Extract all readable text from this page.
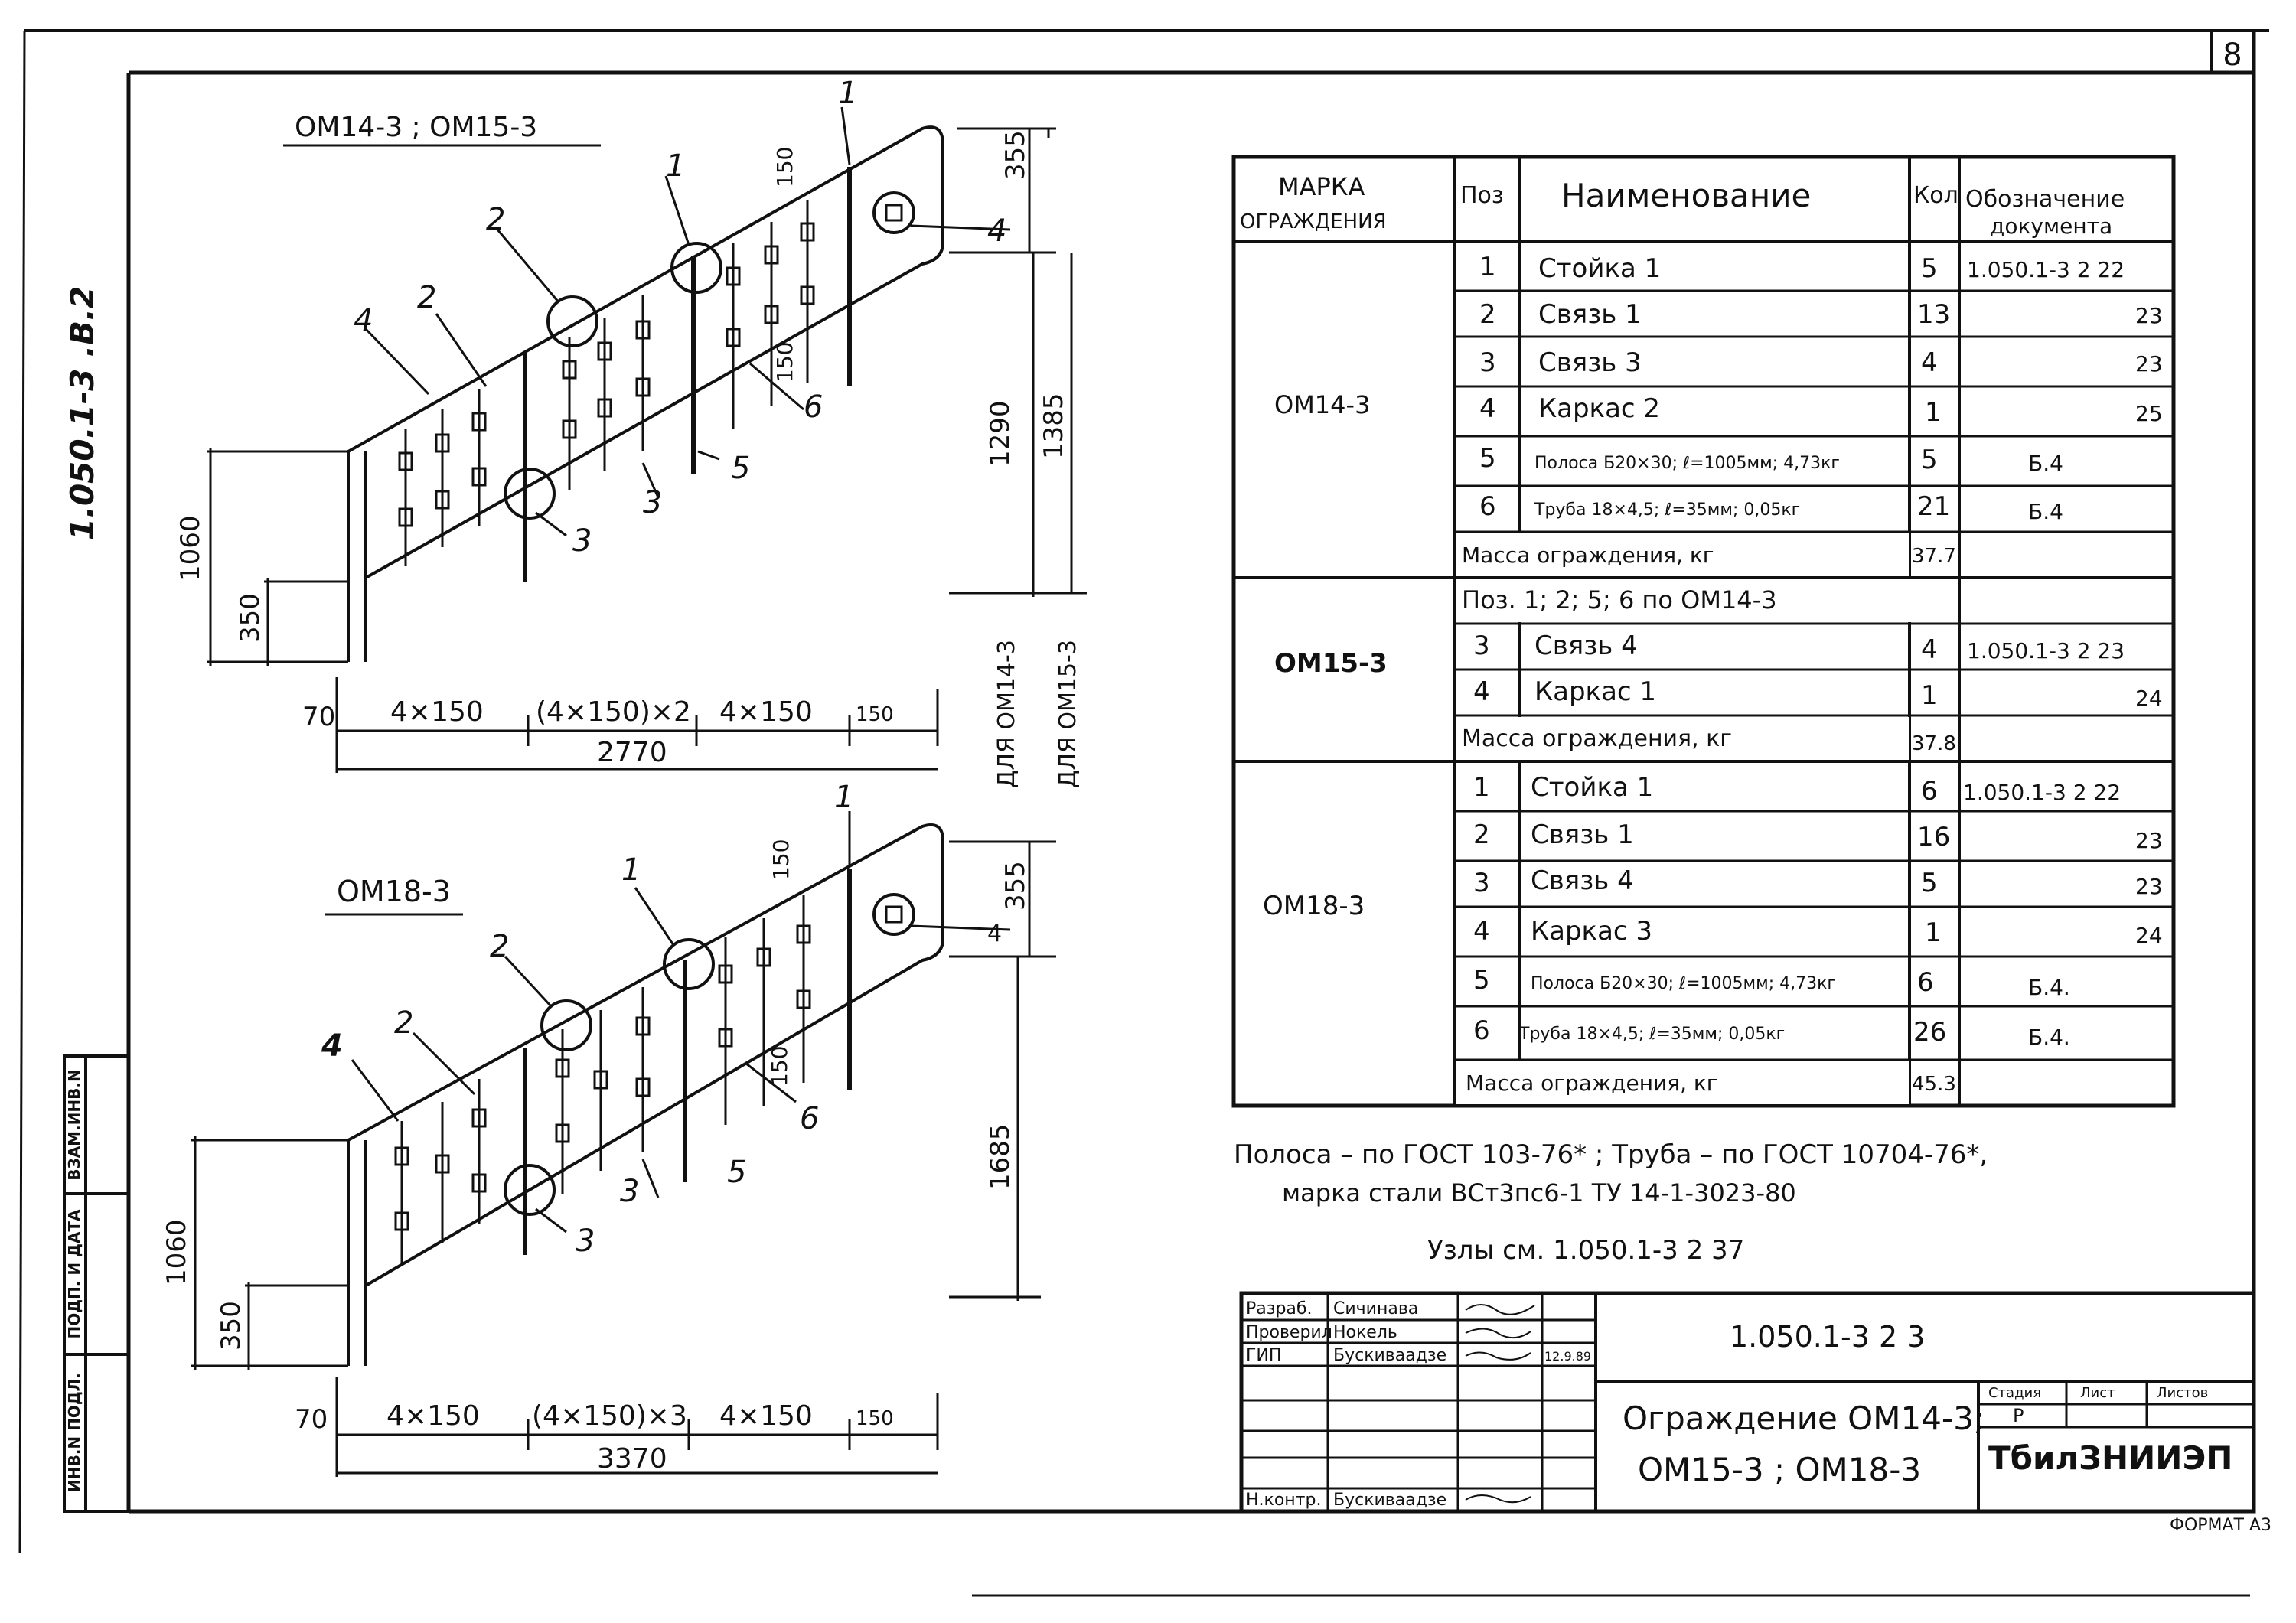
8
1.050.1-3 .В.2
ИНВ.N ПОДЛ.
ПОДП. И ДАТА
ВЗАМ.ИНВ.N
ОМ14-3 ; ОМ15-3
2
1
4
2
1
4
6
5
3
3
1060
350
1290 1385
355
150
150
70 4×150 (4×150)×2 4×150 150
2770	ДЛЯ ОМ14-3 ДЛЯ ОМ15-3
ОМ18-3
2
1
4
2
1
4
6
5
3
3
1060
350
1685
355
150
150
70 4×150 (4×150)×3 4×150 150
3370
МАРКА
ОГРАЖДЕНИЯ
Поз Наименование	Кол Обозначение
документа
ОМ14-3
1 Стойка 1	5 1.050.1-3 2 22
2 Связь 1	13	23
3 Связь 3	4	23
4 Каркас 2	1	25
5 Полоса Б20×30; ℓ=1005мм; 4,73кг	5	Б.4
6 Труба 18×4,5; ℓ=35мм; 0,05кг	21	Б.4
Масса ограждения, кг	37.7
ОМ15-3
Поз. 1; 2; 5; 6 по ОМ14-3
3 Связь 4	4 1.050.1-3 2 23
4 Каркас 1	1	24
Масса ограждения, кг	37.8
ОМ18-3
1 Стойка 1	6 1.050.1-3 2 22
2 Связь 1	16	23
3 Связь 4	5	23
4 Каркас 3	1	24
5 Полоса Б20×30; ℓ=1005мм; 4,73кг	6	Б.4.
6 Труба 18×4,5; ℓ=35мм; 0,05кг	26	Б.4.
Масса ограждения, кг	45.3
Полоса – по ГОСТ 103-76* ; Труба – по ГОСТ 10704-76*,
марка стали ВСт3пс6-1 ТУ 14-1-3023-80
Узлы см. 1.050.1-3 2 37
Разраб.
Проверил
ГИП
Н.контр.
Сичинава
Нокель
Бускиваадзе
Бускиваадзе
12.9.89
1.050.1-3 2 3
Ограждение ОМ14-3;
ОМ15-3 ; ОМ18-3
Стадия	Лист	Листов
Р
ТбилЗНИИЭП
ФОРМАТ А3
